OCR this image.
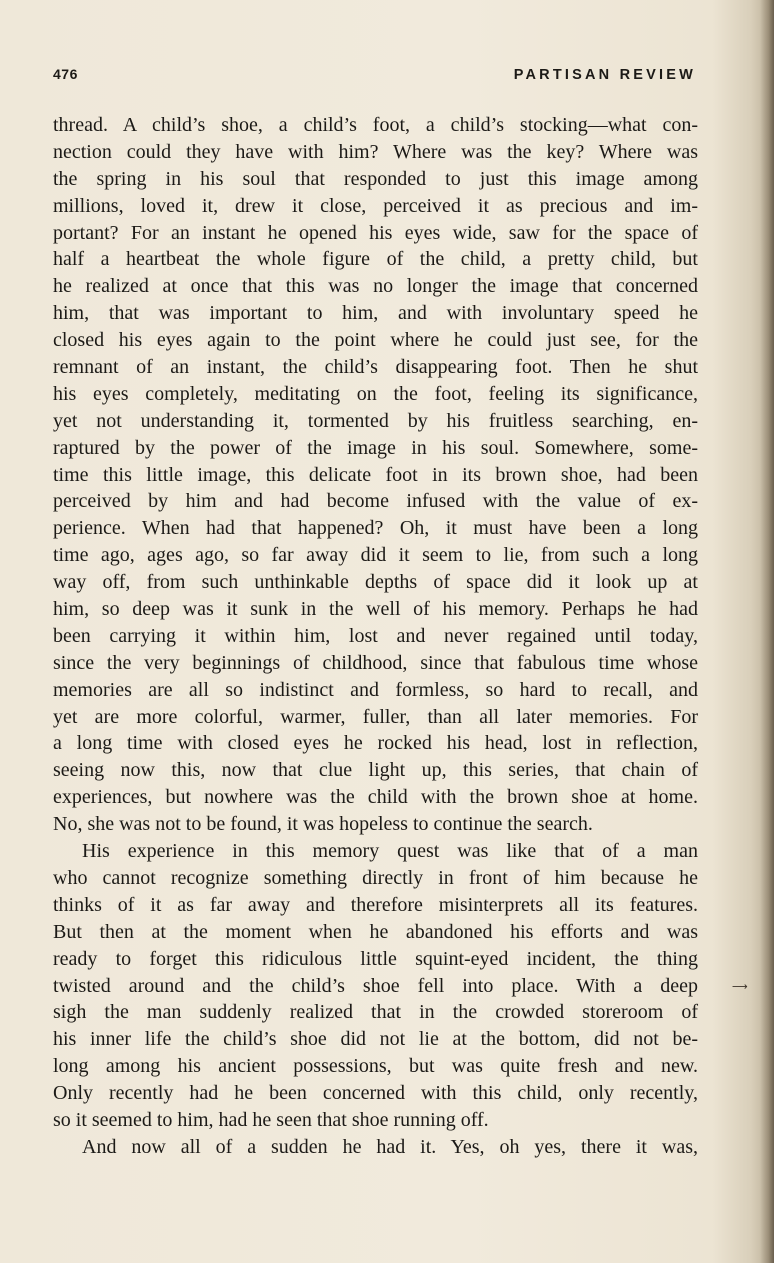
476	PARTISAN REVIEW
thread. A child’s shoe, a child’s foot, a child’s stocking—what con-
nection could they have with him? Where was the key? Where was
the spring in his soul that responded to just this image among
millions, loved it, drew it close, perceived it as precious and im-
portant? For an instant he opened his eyes wide, saw for the space of
half a heartbeat the whole figure of the child, a pretty child, but
he realized at once that this was no longer the image that concerned
him, that was important to him, and with involuntary speed he
closed his eyes again to the point where he could just see, for the
remnant of an instant, the child’s disappearing foot. Then he shut
his eyes completely, meditating on the foot, feeling its significance,
yet not understanding it, tormented by his fruitless searching, en-
raptured by the power of the image in his soul. Somewhere, some-
time this little image, this delicate foot in its brown shoe, had been
perceived by him and had become infused with the value of ex-
perience. When had that happened? Oh, it must have been a long
time ago, ages ago, so far away did it seem to lie, from such a long
way off, from such unthinkable depths of space did it look up at
him, so deep was it sunk in the well of his memory. Perhaps he had
been carrying it within him, lost and never regained until today,
since the very beginnings of childhood, since that fabulous time whose
memories are all so indistinct and formless, so hard to recall, and
yet are more colorful, warmer, fuller, than all later memories. For
a long time with closed eyes he rocked his head, lost in reflection,
seeing now this, now that clue light up, this series, that chain of
experiences, but nowhere was the child with the brown shoe at home.
No, she was not to be found, it was hopeless to continue the search.
His experience in this memory quest was like that of a man
who cannot recognize something directly in front of him because he
thinks of it as far away and therefore misinterprets all its features.
But then at the moment when he abandoned his efforts and was
ready to forget this ridiculous little squint-eyed incident, the thing
twisted around and the child’s shoe fell into place. With a deep
sigh the man suddenly realized that in the crowded storeroom of
his inner life the child’s shoe did not lie at the bottom, did not be-
long among his ancient possessions, but was quite fresh and new.
Only recently had he been concerned with this child, only recently,
so it seemed to him, had he seen that shoe running off.
And now all of a sudden he had it. Yes, oh yes, there it was,
⟶
